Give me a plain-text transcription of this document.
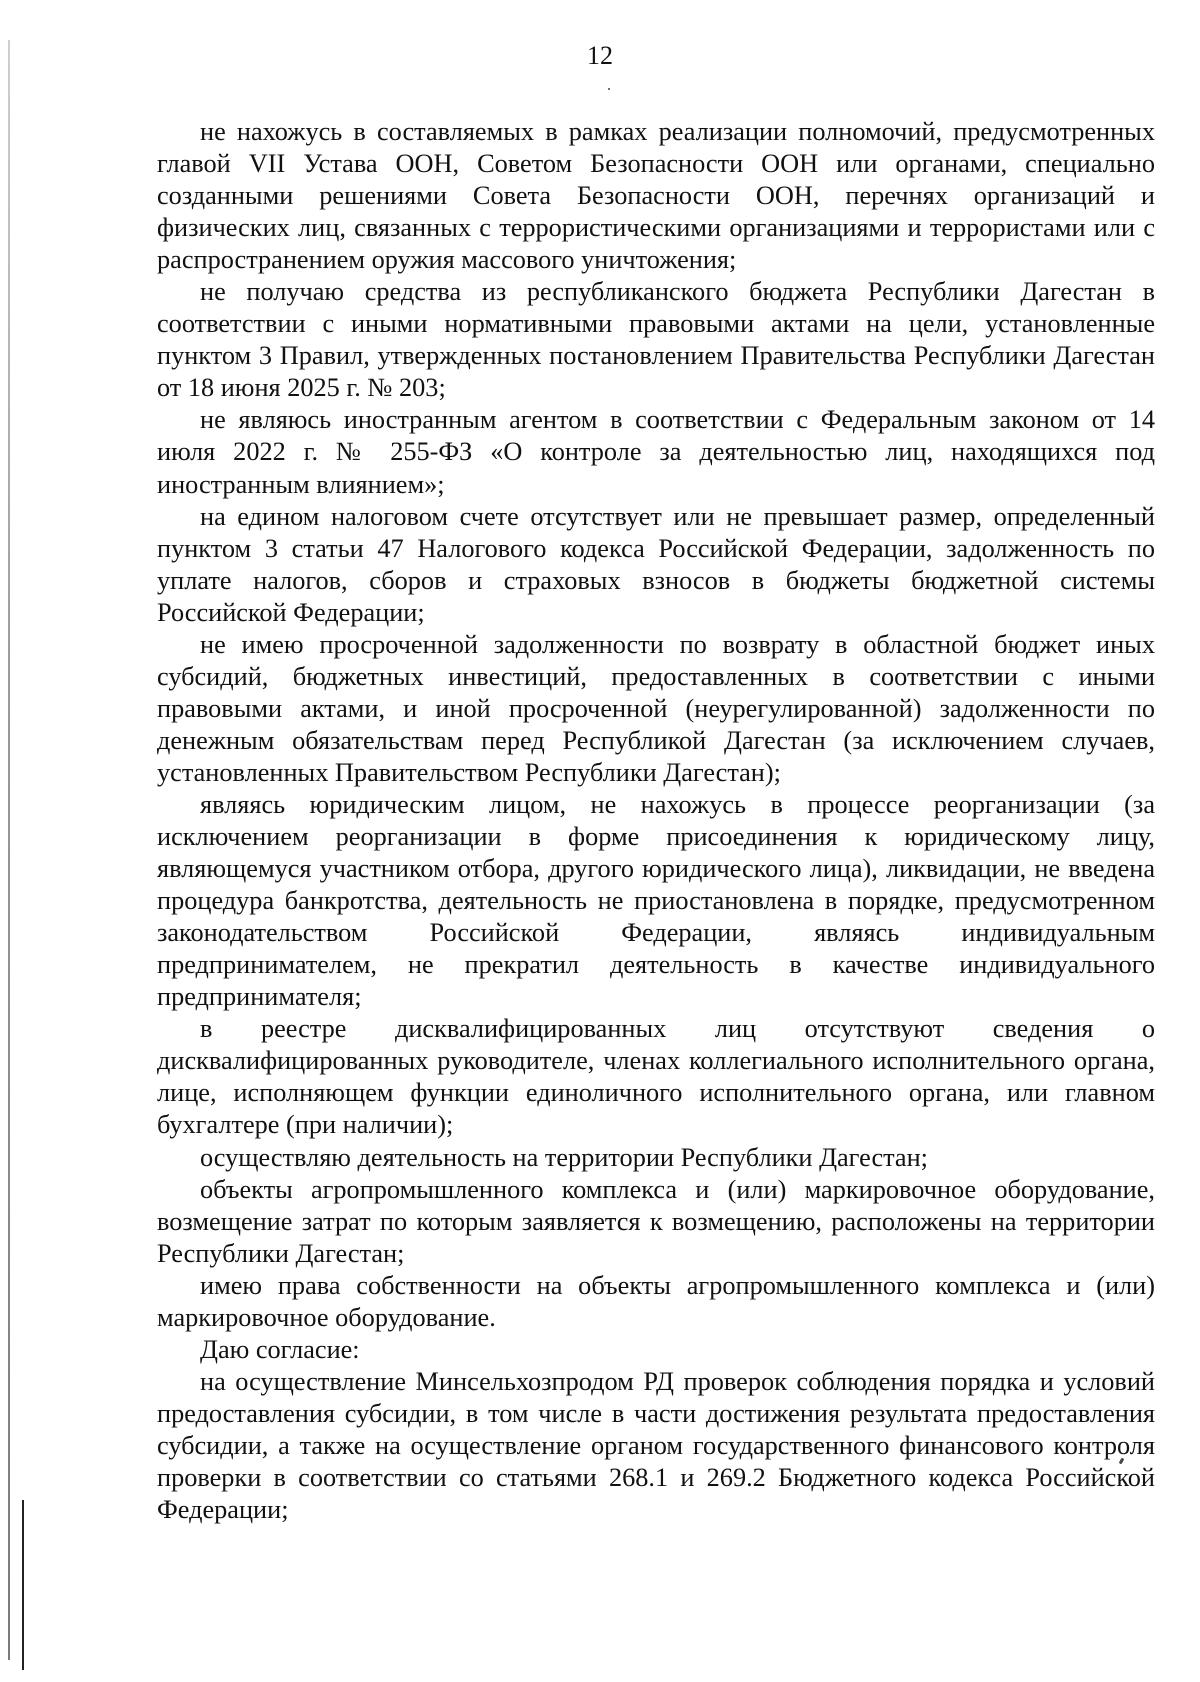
12

не нахожусь в составляемых в рамках реализации полномочий, предусмотренных главой VII Устава ООН, Советом Безопасности ООН или органами, специально созданными решениями Совета Безопасности ООН, перечнях организаций и физических лиц, связанных с террористическими организациями и террористами или с распространением оружия массового уничтожения;

не получаю средства из республиканского бюджета Республики Дагестан в соответствии с иными нормативными правовыми актами на цели, установленные пунктом 3 Правил, утвержденных постановлением Правительства Республики Дагестан от 18 июня 2025 г. № 203;

не являюсь иностранным агентом в соответствии с Федеральным законом от 14 июля 2022 г. № 255-ФЗ «О контроле за деятельностью лиц, находящихся под иностранным влиянием»;

на едином налоговом счете отсутствует или не превышает размер, определенный пунктом 3 статьи 47 Налогового кодекса Российской Федерации, задолженность по уплате налогов, сборов и страховых взносов в бюджеты бюджетной системы Российской Федерации;

не имею просроченной задолженности по возврату в областной бюджет иных субсидий, бюджетных инвестиций, предоставленных в соответствии с иными правовыми актами, и иной просроченной (неурегулированной) задолженности по денежным обязательствам перед Республикой Дагестан (за исключением случаев, установленных Правительством Республики Дагестан);

являясь юридическим лицом, не нахожусь в процессе реорганизации (за исключением реорганизации в форме присоединения к юридическому лицу, являющемуся участником отбора, другого юридического лица), ликвидации, не введена процедура банкротства, деятельность не приостановлена в порядке, предусмотренном законодательством Российской Федерации, являясь индивидуальным предпринимателем, не прекратил деятельность в качестве индивидуального предпринимателя;

в реестре дисквалифицированных лиц отсутствуют сведения о дисквалифицированных руководителе, членах коллегиального исполнительного органа, лице, исполняющем функции единоличного исполнительного органа, или главном бухгалтере (при наличии);

осуществляю деятельность на территории Республики Дагестан;

объекты агропромышленного комплекса и (или) маркировочное оборудование, возмещение затрат по которым заявляется к возмещению, расположены на территории Республики Дагестан;

имею права собственности на объекты агропромышленного комплекса и (или) маркировочное оборудование.

Даю согласие:

на осуществление Минсельхозпродом РД проверок соблюдения порядка и условий предоставления субсидии, в том числе в части достижения результата предоставления субсидии, а также на осуществление органом государственного финансового контроля проверки в соответствии со статьями 268.1 и 269.2 Бюджетного кодекса Российской Федерации;
